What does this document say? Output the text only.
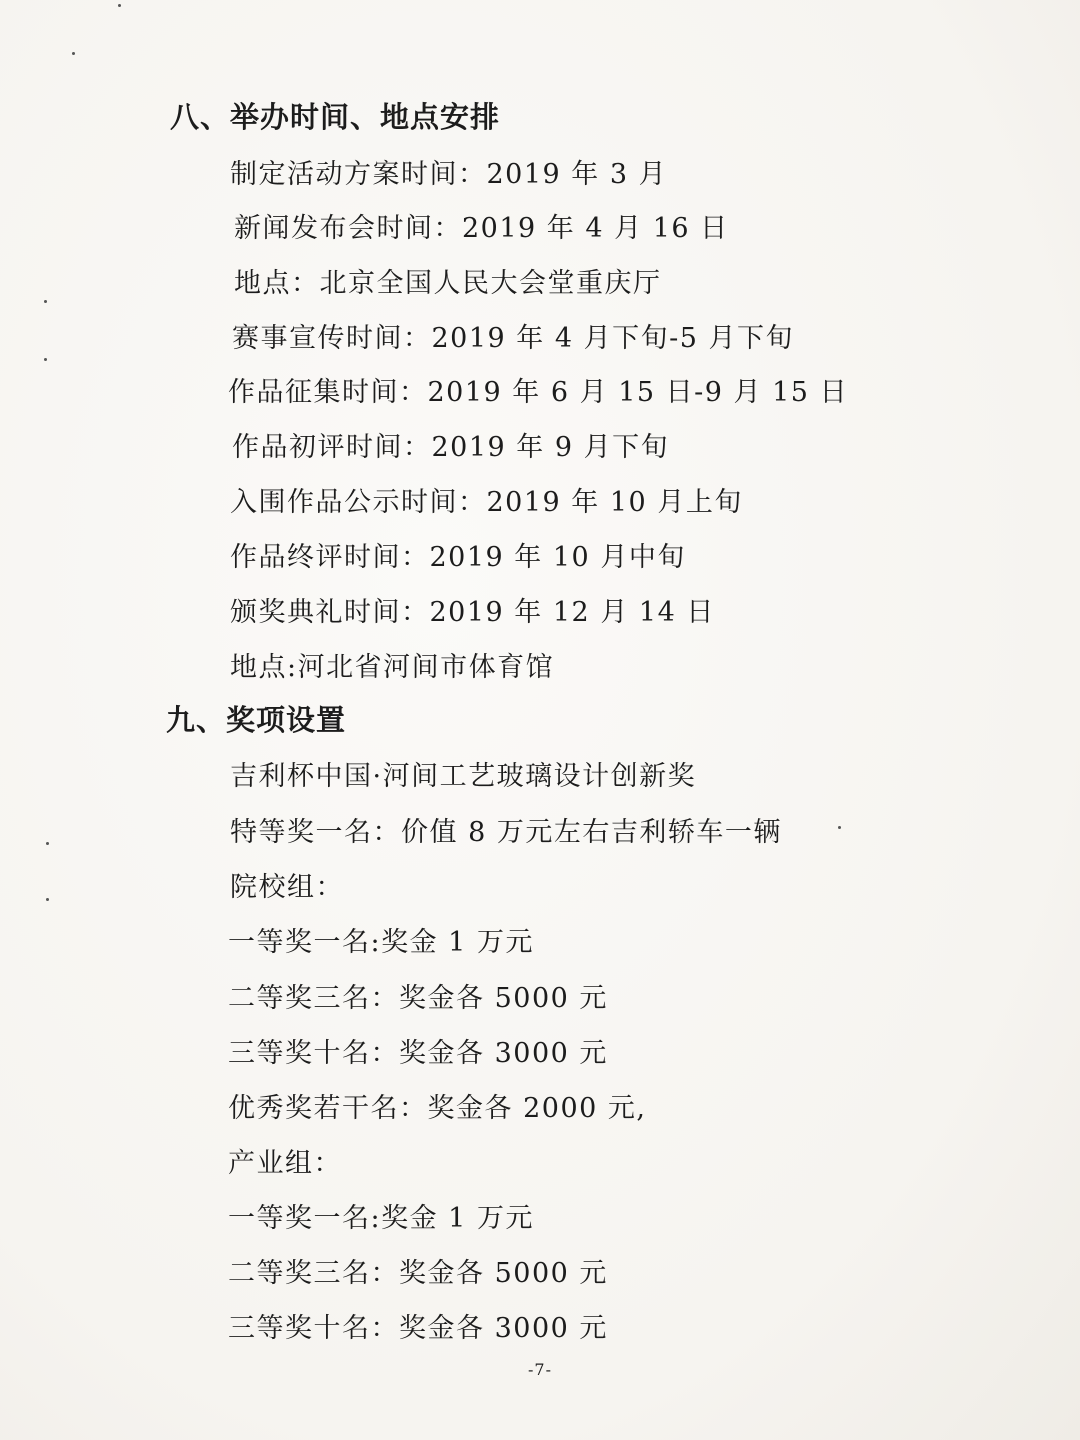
八、举办时间、地点安排
制定活动方案时间：2019 年 3 月
新闻发布会时间：2019 年 4 月 16 日
地点：北京全国人民大会堂重庆厅
赛事宣传时间：2019 年 4 月下旬-5 月下旬
作品征集时间：2019 年 6 月 15 日-9 月 15 日
作品初评时间：2019 年 9 月下旬
入围作品公示时间：2019 年 10 月上旬
作品终评时间：2019 年 10 月中旬
颁奖典礼时间：2019 年 12 月 14 日
地点:河北省河间市体育馆
九、奖项设置
吉利杯中国·河间工艺玻璃设计创新奖
特等奖一名：价值 8 万元左右吉利轿车一辆
院校组：
一等奖一名:奖金 1 万元
二等奖三名：奖金各 5000 元
三等奖十名：奖金各 3000 元
优秀奖若干名：奖金各 2000 元,
产业组：
一等奖一名:奖金 1 万元
二等奖三名：奖金各 5000 元
三等奖十名：奖金各 3000 元
-7-
